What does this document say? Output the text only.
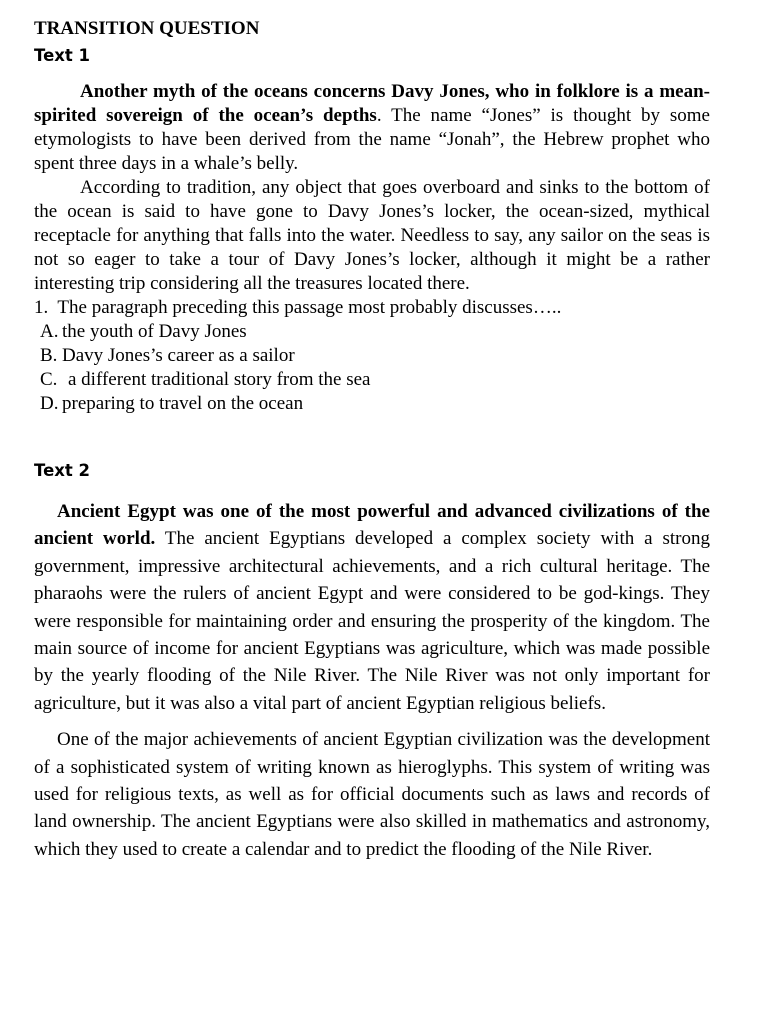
TRANSITION QUESTION
Text 1

Another myth of the oceans concerns Davy Jones, who in folklore is a mean-spirited sovereign of the ocean’s depths. The name “Jones” is thought by some etymologists to have been derived from the name “Jonah”, the Hebrew prophet who spent three days in a whale’s belly.

According to tradition, any object that goes overboard and sinks to the bottom of the ocean is said to have gone to Davy Jones’s locker, the ocean-sized, mythical receptacle for anything that falls into the water. Needless to say, any sailor on the seas is not so eager to take a tour of Davy Jones’s locker, although it might be a rather interesting trip considering all the treasures located there.

1. The paragraph preceding this passage most probably discusses…..

A. the youth of Davy Jones
B. Davy Jones’s career as a sailor
C. a different traditional story from the sea
D. preparing to travel on the ocean
Text 2

Ancient Egypt was one of the most powerful and advanced civilizations of the ancient world. The ancient Egyptians developed a complex society with a strong government, impressive architectural achievements, and a rich cultural heritage. The pharaohs were the rulers of ancient Egypt and were considered to be god-kings. They were responsible for maintaining order and ensuring the prosperity of the kingdom. The main source of income for ancient Egyptians was agriculture, which was made possible by the yearly flooding of the Nile River. The Nile River was not only important for agriculture, but it was also a vital part of ancient Egyptian religious beliefs.

One of the major achievements of ancient Egyptian civilization was the development of a sophisticated system of writing known as hieroglyphs. This system of writing was used for religious texts, as well as for official documents such as laws and records of land ownership. The ancient Egyptians were also skilled in mathematics and astronomy, which they used to create a calendar and to predict the flooding of the Nile River.
